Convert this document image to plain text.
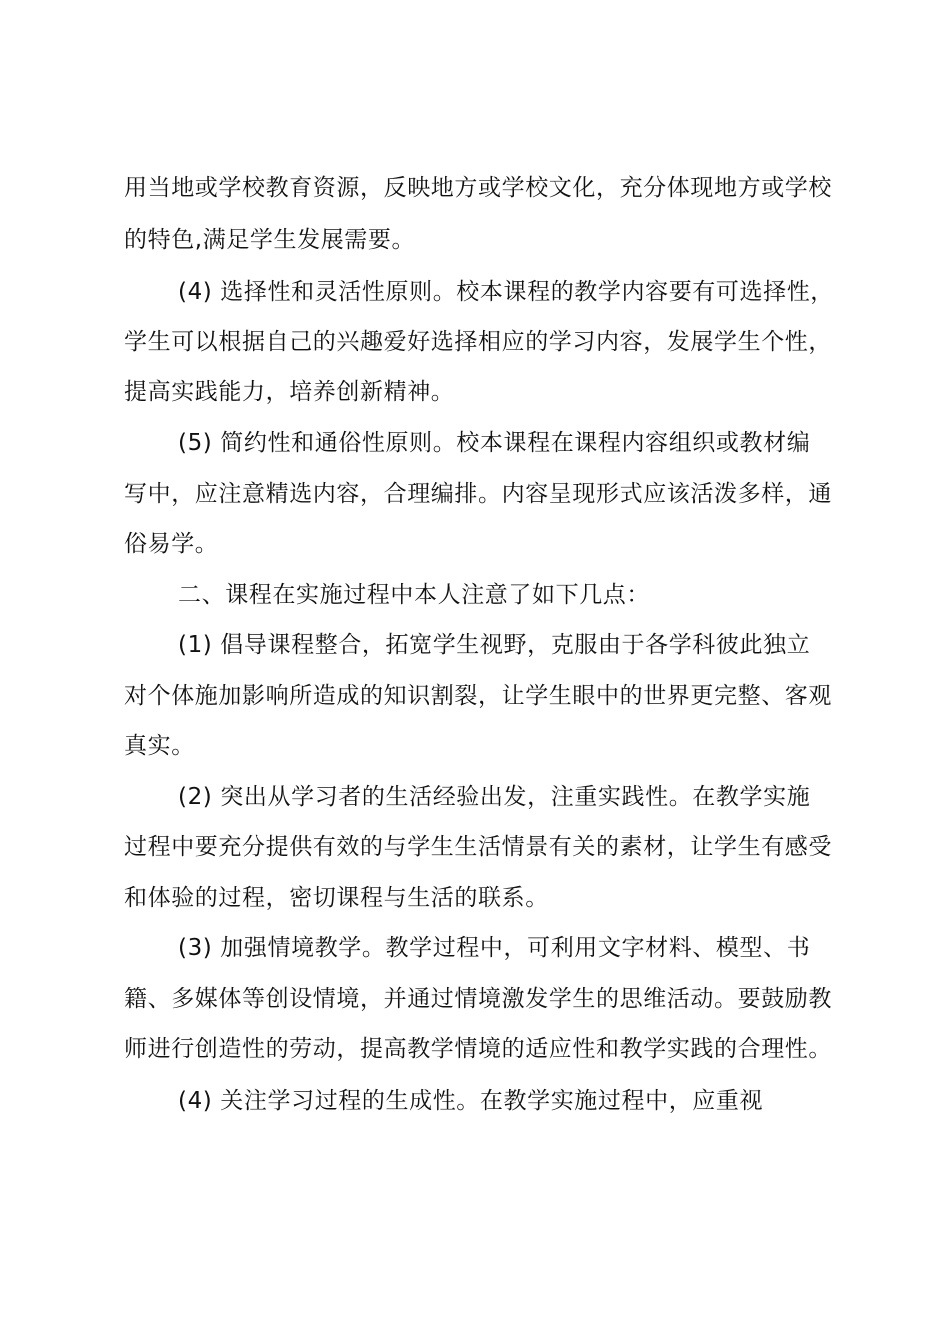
用当地或学校教育资源，反映地方或学校文化，充分体现地方或学校
的特色,满足学生发展需要。
(4) 选择性和灵活性原则。校本课程的教学内容要有可选择性，
学生可以根据自己的兴趣爱好选择相应的学习内容，发展学生个性，
提高实践能力，培养创新精神。
(5) 简约性和通俗性原则。校本课程在课程内容组织或教材编
写中，应注意精选内容，合理编排。内容呈现形式应该活泼多样，通
俗易学。
二、课程在实施过程中本人注意了如下几点：
(1) 倡导课程整合，拓宽学生视野，克服由于各学科彼此独立
对个体施加影响所造成的知识割裂，让学生眼中的世界更完整、客观
真实。
(2) 突出从学习者的生活经验出发，注重实践性。在教学实施
过程中要充分提供有效的与学生生活情景有关的素材，让学生有感受
和体验的过程，密切课程与生活的联系。
(3) 加强情境教学。教学过程中，可利用文字材料、模型、书
籍、多媒体等创设情境，并通过情境激发学生的思维活动。要鼓励教
师进行创造性的劳动，提高教学情境的适应性和教学实践的合理性。
(4) 关注学习过程的生成性。在教学实施过程中，应重视
